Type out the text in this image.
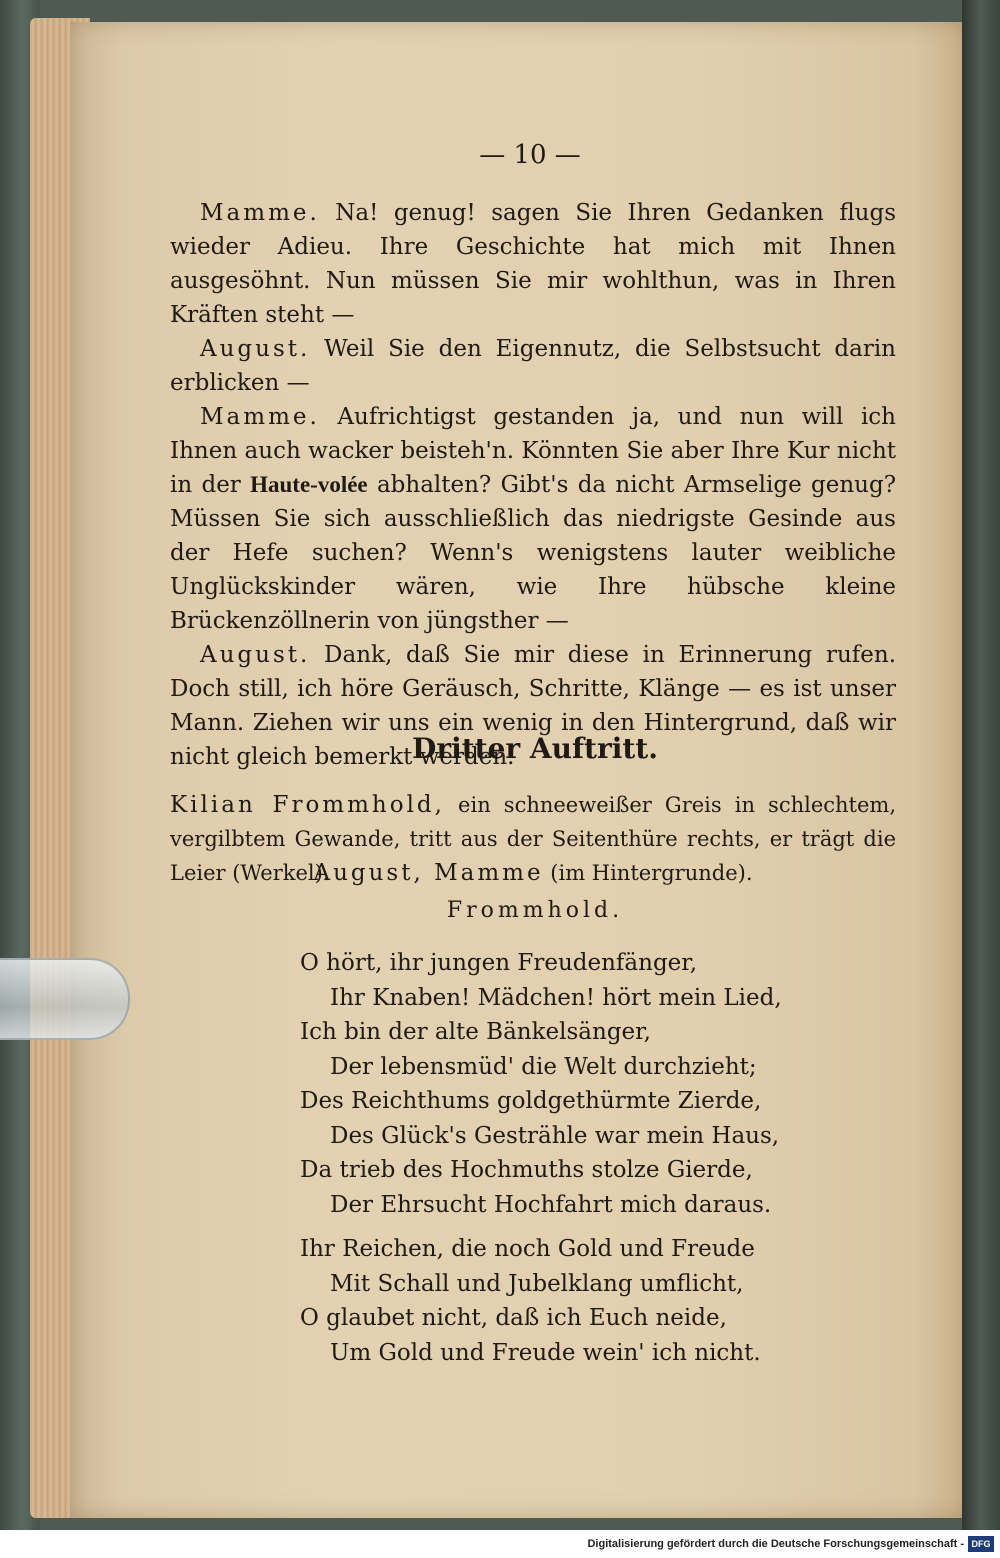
— 10 —

Mamme. Na! genug! sagen Sie Ihren Gedanken flugs wieder Adieu. Ihre Geschichte hat mich mit Ihnen ausgesöhnt. Nun müssen Sie mir wohlthun, was in Ihren Kräften steht —

August. Weil Sie den Eigennutz, die Selbstsucht darin erblicken —

Mamme. Aufrichtigst gestanden ja, und nun will ich Ihnen auch wacker beisteh'n. Könnten Sie aber Ihre Kur nicht in der Haute-volée abhalten? Gibt's da nicht Armselige genug? Müssen Sie sich ausschließlich das niedrigste Gesinde aus der Hefe suchen? Wenn's wenigstens lauter weibliche Unglückskinder wären, wie Ihre hübsche kleine Brückenzöllnerin von jüngsther —

August. Dank, daß Sie mir diese in Erinnerung rufen. Doch still, ich höre Geräusch, Schritte, Klänge — es ist unser Mann. Ziehen wir uns ein wenig in den Hintergrund, daß wir nicht gleich bemerkt werden.

Dritter Auftritt.
Kilian Frommhold, ein schneeweißer Greis in schlechtem, vergilbtem Gewande, tritt aus der Seitenthüre rechts, er trägt die Leier (Werkel).
August, Mamme (im Hintergrunde).
Frommhold.
O hört, ihr jungen Freudenfänger,
Ihr Knaben! Mädchen! hört mein Lied,
Ich bin der alte Bänkelsänger,
Der lebensmüd' die Welt durchzieht;
Des Reichthums goldgethürmte Zierde,
Des Glück's Gesträhle war mein Haus,
Da trieb des Hochmuths stolze Gierde,
Der Ehrsucht Hochfahrt mich daraus.
Ihr Reichen, die noch Gold und Freude
Mit Schall und Jubelklang umflicht,
O glaubet nicht, daß ich Euch neide,
Um Gold und Freude wein' ich nicht.
Digitalisierung gefördert durch die Deutsche Forschungsgemeinschaft - DFG
